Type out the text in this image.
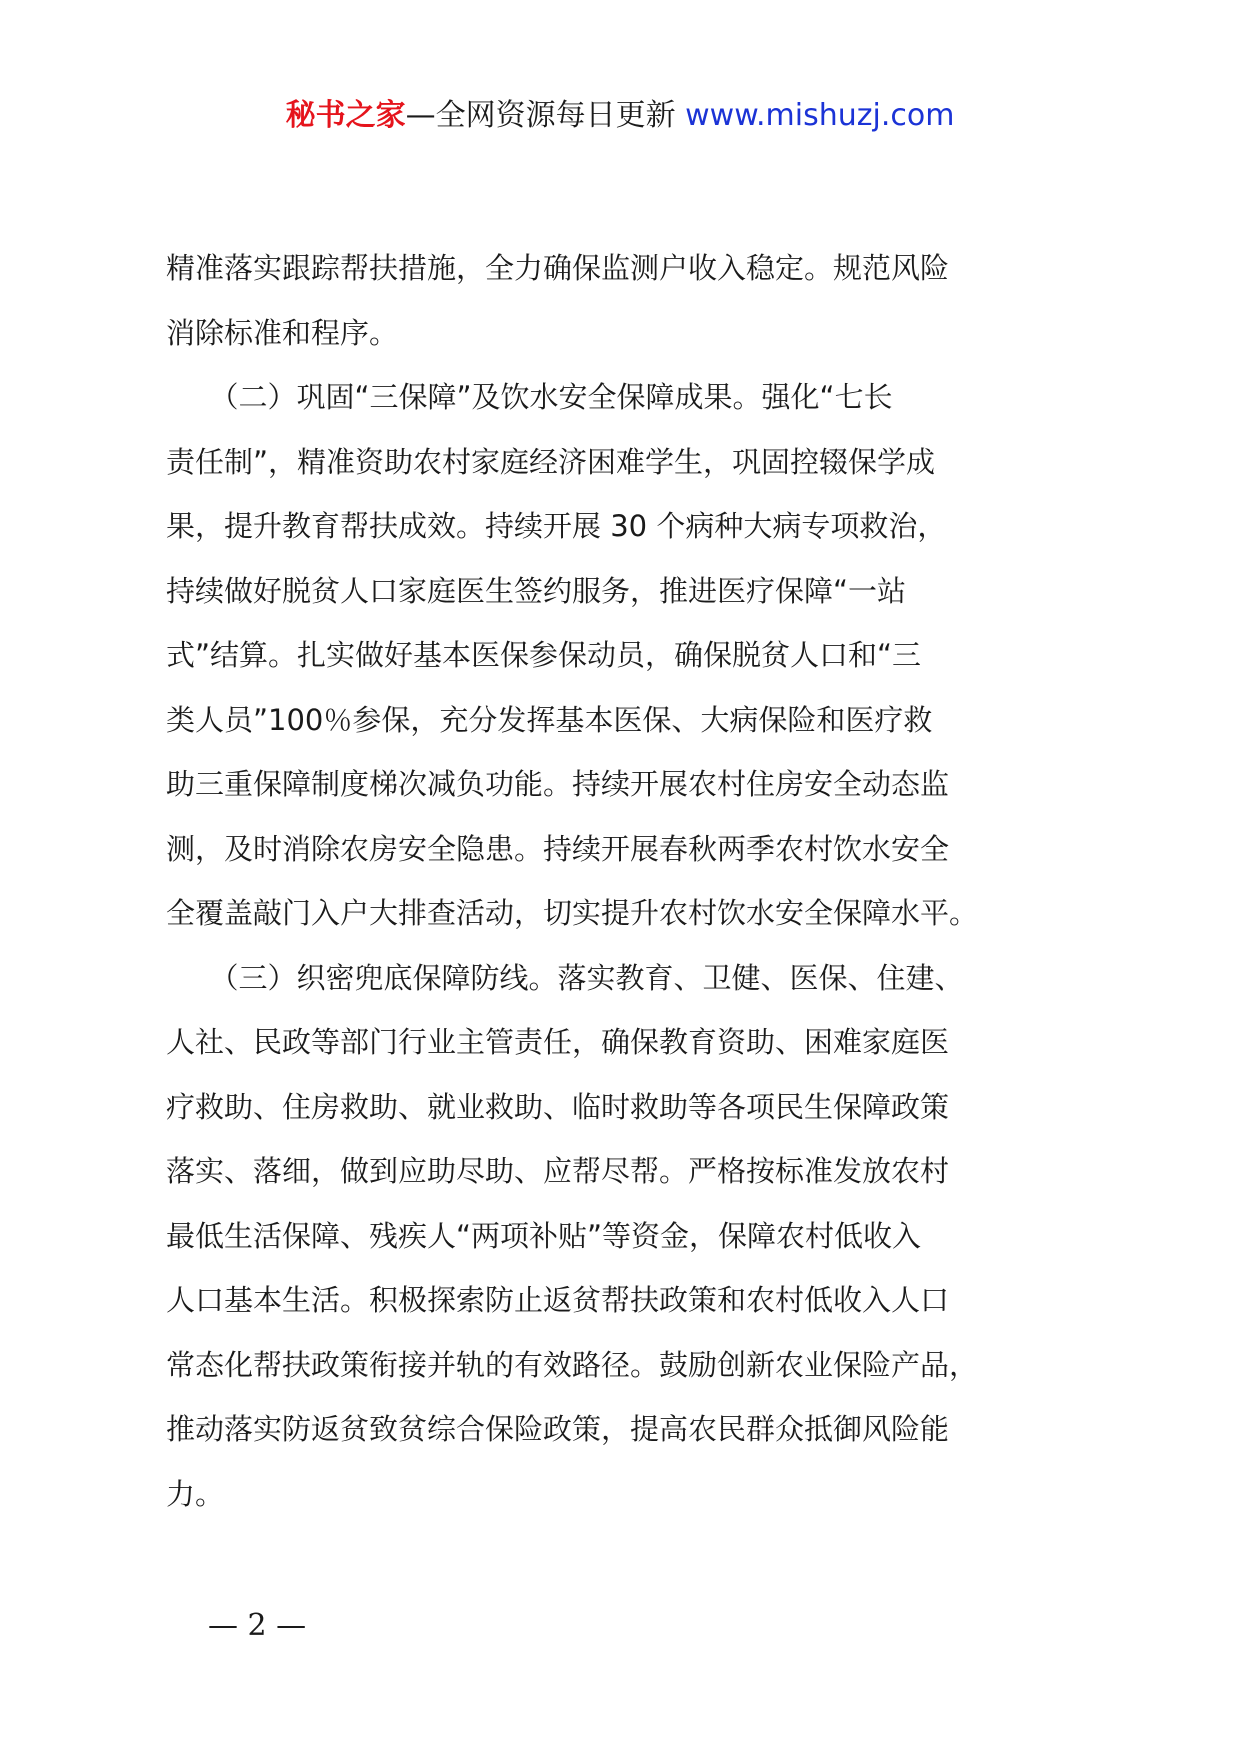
秘书之家—全网资源每日更新 www.mishuzj.com
精准落实跟踪帮扶措施，全力确保监测户收入稳定。规范风险
消除标准和程序。
　　（二）巩固“三保障”及饮水安全保障成果。强化“七长
责任制”，精准资助农村家庭经济困难学生，巩固控辍保学成
果，提升教育帮扶成效。持续开展 30 个病种大病专项救治，
持续做好脱贫人口家庭医生签约服务，推进医疗保障“一站
式”结算。扎实做好基本医保参保动员，确保脱贫人口和“三
类人员”100％参保，充分发挥基本医保、大病保险和医疗救
助三重保障制度梯次减负功能。持续开展农村住房安全动态监
测，及时消除农房安全隐患。持续开展春秋两季农村饮水安全
全覆盖敲门入户大排查活动，切实提升农村饮水安全保障水平。
　　（三）织密兜底保障防线。落实教育、卫健、医保、住建、
人社、民政等部门行业主管责任，确保教育资助、困难家庭医
疗救助、住房救助、就业救助、临时救助等各项民生保障政策
落实、落细，做到应助尽助、应帮尽帮。严格按标准发放农村
最低生活保障、残疾人“两项补贴”等资金，保障农村低收入
人口基本生活。积极探索防止返贫帮扶政策和农村低收入人口
常态化帮扶政策衔接并轨的有效路径。鼓励创新农业保险产品，
推动落实防返贫致贫综合保险政策，提高农民群众抵御风险能
力。
— 2 —
